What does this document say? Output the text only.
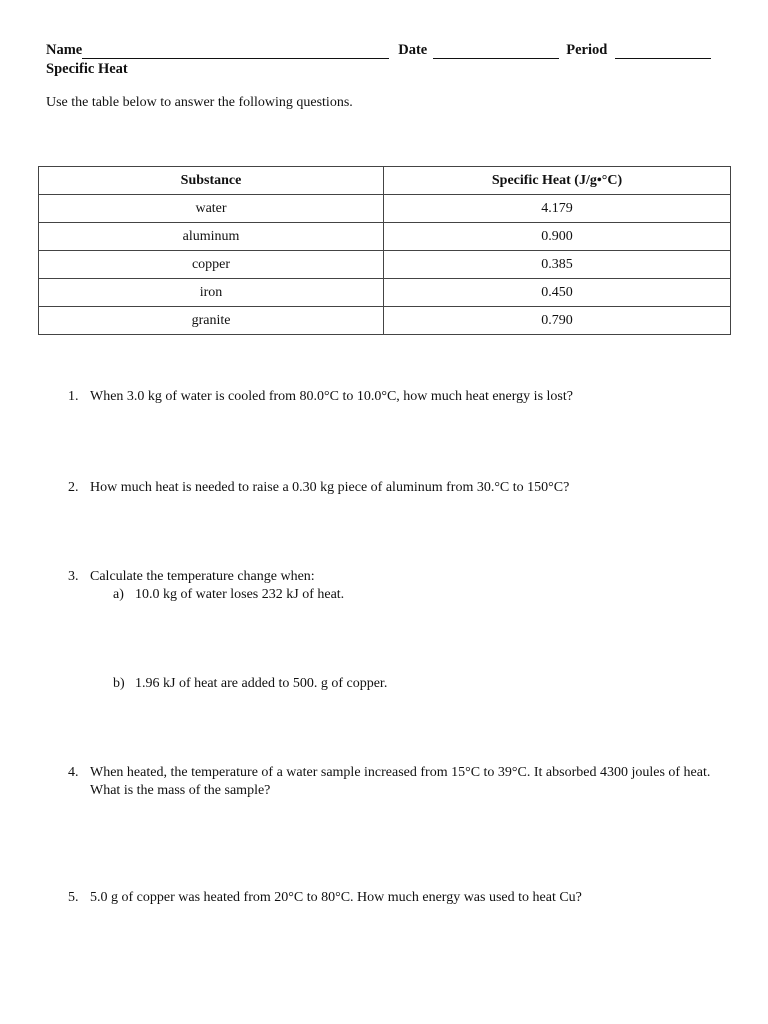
Name	Date	Period
Specific Heat
Use the table below to answer the following questions.
Substance	Specific Heat (J/g•°C)
water	4.179
aluminum	0.900
copper	0.385
iron	0.450
granite	0.790
1. When 3.0 kg of water is cooled from 80.0°C to 10.0°C, how much heat energy is lost?
2. How much heat is needed to raise a 0.30 kg piece of aluminum from 30.°C to 150°C?
3. Calculate the temperature change when:
a) 10.0 kg of water loses 232 kJ of heat.
b) 1.96 kJ of heat are added to 500. g of copper.
4. When heated, the temperature of a water sample increased from 15°C to 39°C. It absorbed 4300 joules of heat. What is the mass of the sample?
5. 5.0 g of copper was heated from 20°C to 80°C. How much energy was used to heat Cu?
